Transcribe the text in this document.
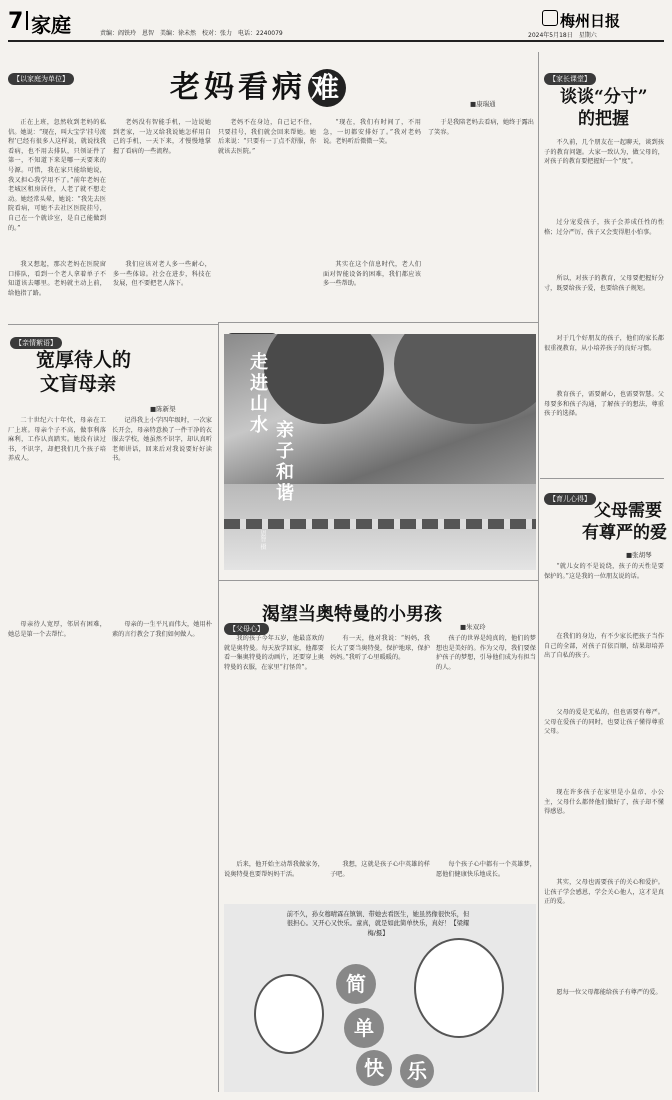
7 家庭	责编：阎铁玲　恩智　美编：徐未然　校对：张力　电话：2240079
梅州日报
2024年5月18日　星期六
【以家庭为单位】	老妈看病 难	■康瑞通
正在上班，忽然收到老妈的私信。她说：“现在，叫大宝学‘挂号流程’已经有很多人这样说，就说找我看病，也不用去排队，只领证件了第一，不知道下来是哪一天要来的号源。可惜，我在家只能给她说，我又担心我学用不了。”前年老妈在老城区租房居住，人老了就不想走动。她经常头晕，她说：“我先去医院看病，可她不去社区医院挂号，自己在一个就诊室，是自己能做到的。”
老妈没有智能手机，一边说她到老家，一边又给我说她怎样用自己的手机，一天下来，才慢慢地掌握了看病的一些流程。
老妈不在身边，自己记不住，只要挂号，我们就会回来帮她。她后来说：“只要有一丁点不舒服，你就该去医院。”
“现在，我们有时间了，不用急，一切都安排好了。”我对老妈说。老妈听后微微一笑。
于是我陪老妈去看病，她终于露出了笑容。
【亲情絮语】
宽厚待人的
文盲母亲
■陈新渠
二十世纪六十年代，母亲在工厂上班。母亲个子不高，做事利落麻利，工作认真踏实。她没有读过书，不识字，却把我们几个孩子培养成人。
记得我上小学四年级时，一次家长开会，母亲特意换了一件干净的衣服去学校，她虽然不识字，却认真听老师讲话，回来后对我说要好好读书。
母亲待人宽厚，邻居有困难，她总是第一个去帮忙。
母亲的一生平凡而伟大，她用朴素的言行教会了我们如何做人。
走进山水
亲子和谐
恩智 摄
【父母心】
渴望当奥特曼的小男孩
■朱双玲
我的孩子今年五岁，他最喜欢的就是奥特曼。每天放学回家，他都要看一集奥特曼的动画片，还要穿上奥特曼的衣服，在家里“打怪兽”。
有一天，他对我说：“妈妈，我长大了要当奥特曼，保护地球，保护妈妈。”我听了心里暖暖的。
孩子的世界是纯真的，他们的梦想也是美好的。作为父母，我们要保护孩子的梦想，引导他们成为有担当的人。
前不久，孙女穆晴霖在镇镇、带她去看医生，她虽然像很快乐，但很担心。又开心又快乐。童真，就是如此简单快乐，真好！【梁耀梅/摄】
简
单
快	乐
【家长课堂】
谈谈“分寸”
的把握
不久前，几个朋友在一起聊天，谈到孩子的教育问题。大家一致认为，做父母的，对孩子的教育要把握好一个“度”。
过分宠爱孩子，孩子会养成任性的性格；过分严厉，孩子又会变得胆小怕事。
所以，对孩子的教育，父母要把握好分寸，既要给孩子爱，也要给孩子规矩。
对于几个好朋友的孩子，他们的家长都很重视教育，从小培养孩子的良好习惯。
教育孩子，需要耐心，也需要智慧。父母要多和孩子沟通，了解孩子的想法，尊重孩子的选择。
【育儿心得】
父母需要
有尊严的爱
■张胡琴
“就儿女的不是说绕，孩子的天性是要保护的。”这是我的一位朋友说的话。
在我们的身边，有不少家长把孩子当作自己的全部，对孩子百依百顺，结果却培养出了自私的孩子。
父母的爱是无私的，但也需要有尊严。父母在爱孩子的同时，也要让孩子懂得尊重父母。
现在许多孩子在家里是小皇帝、小公主，父母什么都替他们做好了，孩子却不懂得感恩。
其实，父母也需要孩子的关心和爱护。让孩子学会感恩，学会关心他人，这才是真正的爱。
愿每一位父母都能给孩子有尊严的爱。
我又想起，那次老妈在医院窗口排队，看到一个老人拿着单子不知道该去哪里。老妈就主动上前，给他指了路。
我们应该对老人多一些耐心，多一些体谅。社会在进步，科技在发展，但不要把老人落下。
其实在这个信息时代，老人们面对智能设备的困难，我们都应该多一些帮助。
后来，他开始主动帮我做家务，说奥特曼也要帮妈妈干活。
我想，这就是孩子心中英雄的样子吧。
每个孩子心中都有一个英雄梦，愿他们健康快乐地成长。
